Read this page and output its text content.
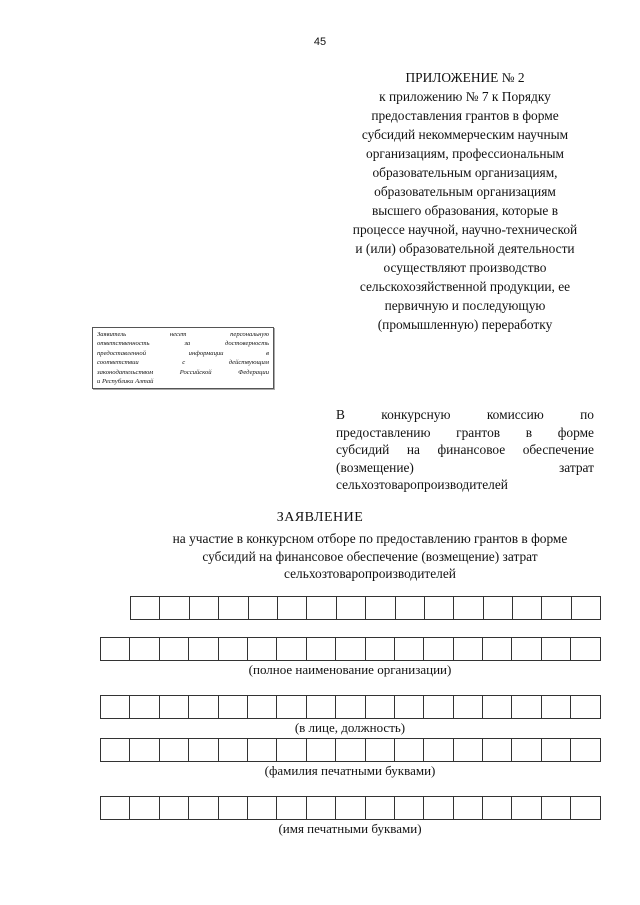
45
ПРИЛОЖЕНИЕ № 2
к приложению № 7 к Порядку
предоставления грантов в форме
субсидий некоммерческим научным
организациям, профессиональным
образовательным организациям,
образовательным организациям
высшего образования, которые в
процессе научной, научно-технической
и (или) образовательной деятельности
осуществляют производство
сельскохозяйственной продукции, ее
первичную и последующую
(промышленную) переработку
Заявитель несет персональную
ответственность за достоверность
предоставленной информации в
соответствии с действующим
законодательством Российской Федерации
и Республики Алтай
В конкурсную комиссию по
предоставлению грантов в форме
субсидий на финансовое обеспечение
(возмещение) затрат
сельхозтоваропроизводителей
ЗАЯВЛЕНИЕ
на участие в конкурсном отборе по предоставлению грантов в форме
субсидий на финансовое обеспечение (возмещение) затрат
сельхозтоваропроизводителей
(полное наименование организации)
(в лице, должность)
(фамилия печатными буквами)
(имя печатными буквами)
